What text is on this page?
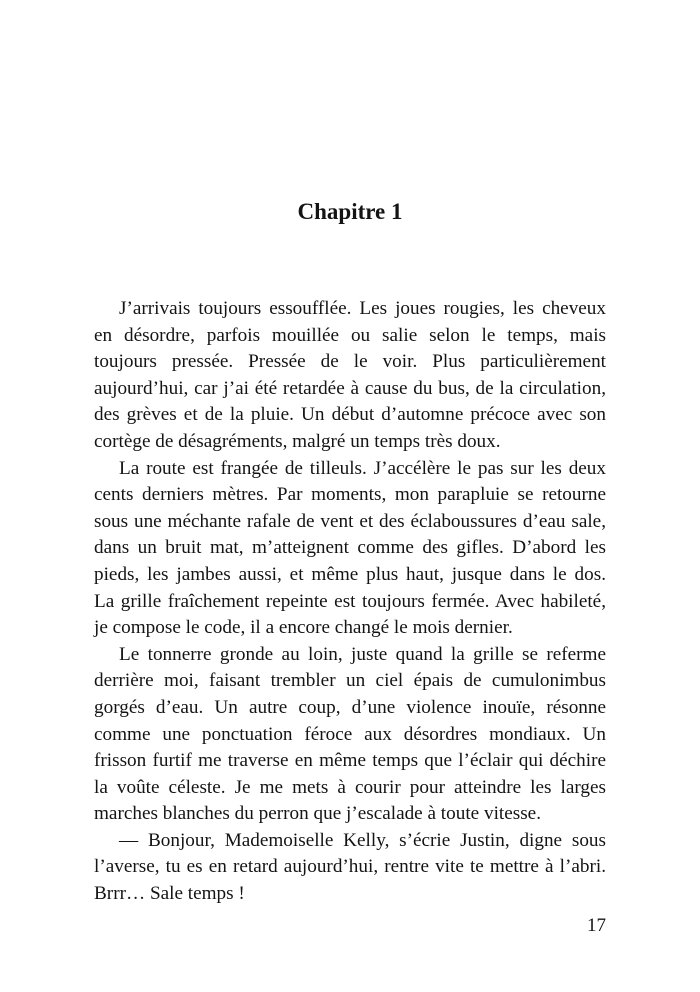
Chapitre 1
J’arrivais toujours essoufflée. Les joues rougies, les cheveux
en désordre, parfois mouillée ou salie selon le temps, mais
toujours pressée. Pressée de le voir. Plus particulièrement
aujourd’hui, car j’ai été retardée à cause du bus, de la circulation,
des grèves et de la pluie. Un début d’automne précoce avec son
cortège de désagréments, malgré un temps très doux.
La route est frangée de tilleuls. J’accélère le pas sur les deux
cents derniers mètres. Par moments, mon parapluie se retourne
sous une méchante rafale de vent et des éclaboussures d’eau sale,
dans un bruit mat, m’atteignent comme des gifles. D’abord les
pieds, les jambes aussi, et même plus haut, jusque dans le dos.
La grille fraîchement repeinte est toujours fermée. Avec habileté,
je compose le code, il a encore changé le mois dernier.
Le tonnerre gronde au loin, juste quand la grille se referme
derrière moi, faisant trembler un ciel épais de cumulonimbus
gorgés d’eau. Un autre coup, d’une violence inouïe, résonne
comme une ponctuation féroce aux désordres mondiaux. Un
frisson furtif me traverse en même temps que l’éclair qui déchire
la voûte céleste. Je me mets à courir pour atteindre les larges
marches blanches du perron que j’escalade à toute vitesse.
— Bonjour, Mademoiselle Kelly, s’écrie Justin, digne sous
l’averse, tu es en retard aujourd’hui, rentre vite te mettre à l’abri.
Brrr… Sale temps !
17
